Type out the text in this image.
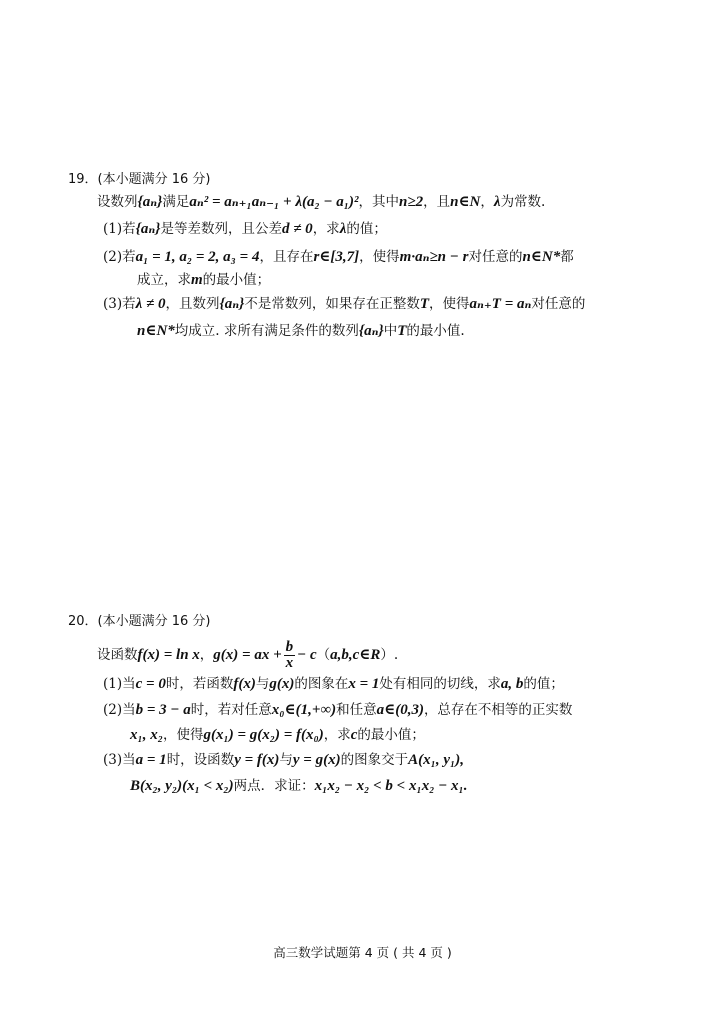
19．(本小题满分 16 分)
设数列{aₙ}满足aₙ² = aₙ₊₁aₙ₋₁ + λ(a₂ − a₁)²，其中n≥2，且n∈N，λ为常数.
(1)若{aₙ}是等差数列，且公差d ≠ 0，求λ的值；
(2)若a₁ = 1, a₂ = 2, a₃ = 4，且存在r∈[3,7]，使得m·aₙ≥n − r对任意的n∈N*都
成立，求m的最小值；
(3)若λ ≠ 0，且数列{aₙ}不是常数列，如果存在正整数T，使得aₙ₊T = aₙ对任意的
n∈N*均成立. 求所有满足条件的数列{aₙ}中T的最小值.
20．(本小题满分 16 分)
设函数f(x) = ln x，g(x) = ax + $\frac{b}{x}$ − c（a,b,c∈R）.
(1)当c = 0时，若函数f(x)与g(x)的图象在x = 1处有相同的切线，求a, b的值；
(2)当b = 3 − a时，若对任意x₀∈(1,+∞)和任意a∈(0,3)，总存在不相等的正实数
x₁, x₂，使得g(x₁) = g(x₂) = f(x₀)，求c的最小值；
(3)当a = 1时，设函数y = f(x)与y = g(x)的图象交于A(x₁, y₁),
B(x₂, y₂)(x₁ < x₂)两点．求证：x₁x₂ − x₂ < b < x₁x₂ − x₁.
高三数学试题第 4 页 ( 共 4 页 )
